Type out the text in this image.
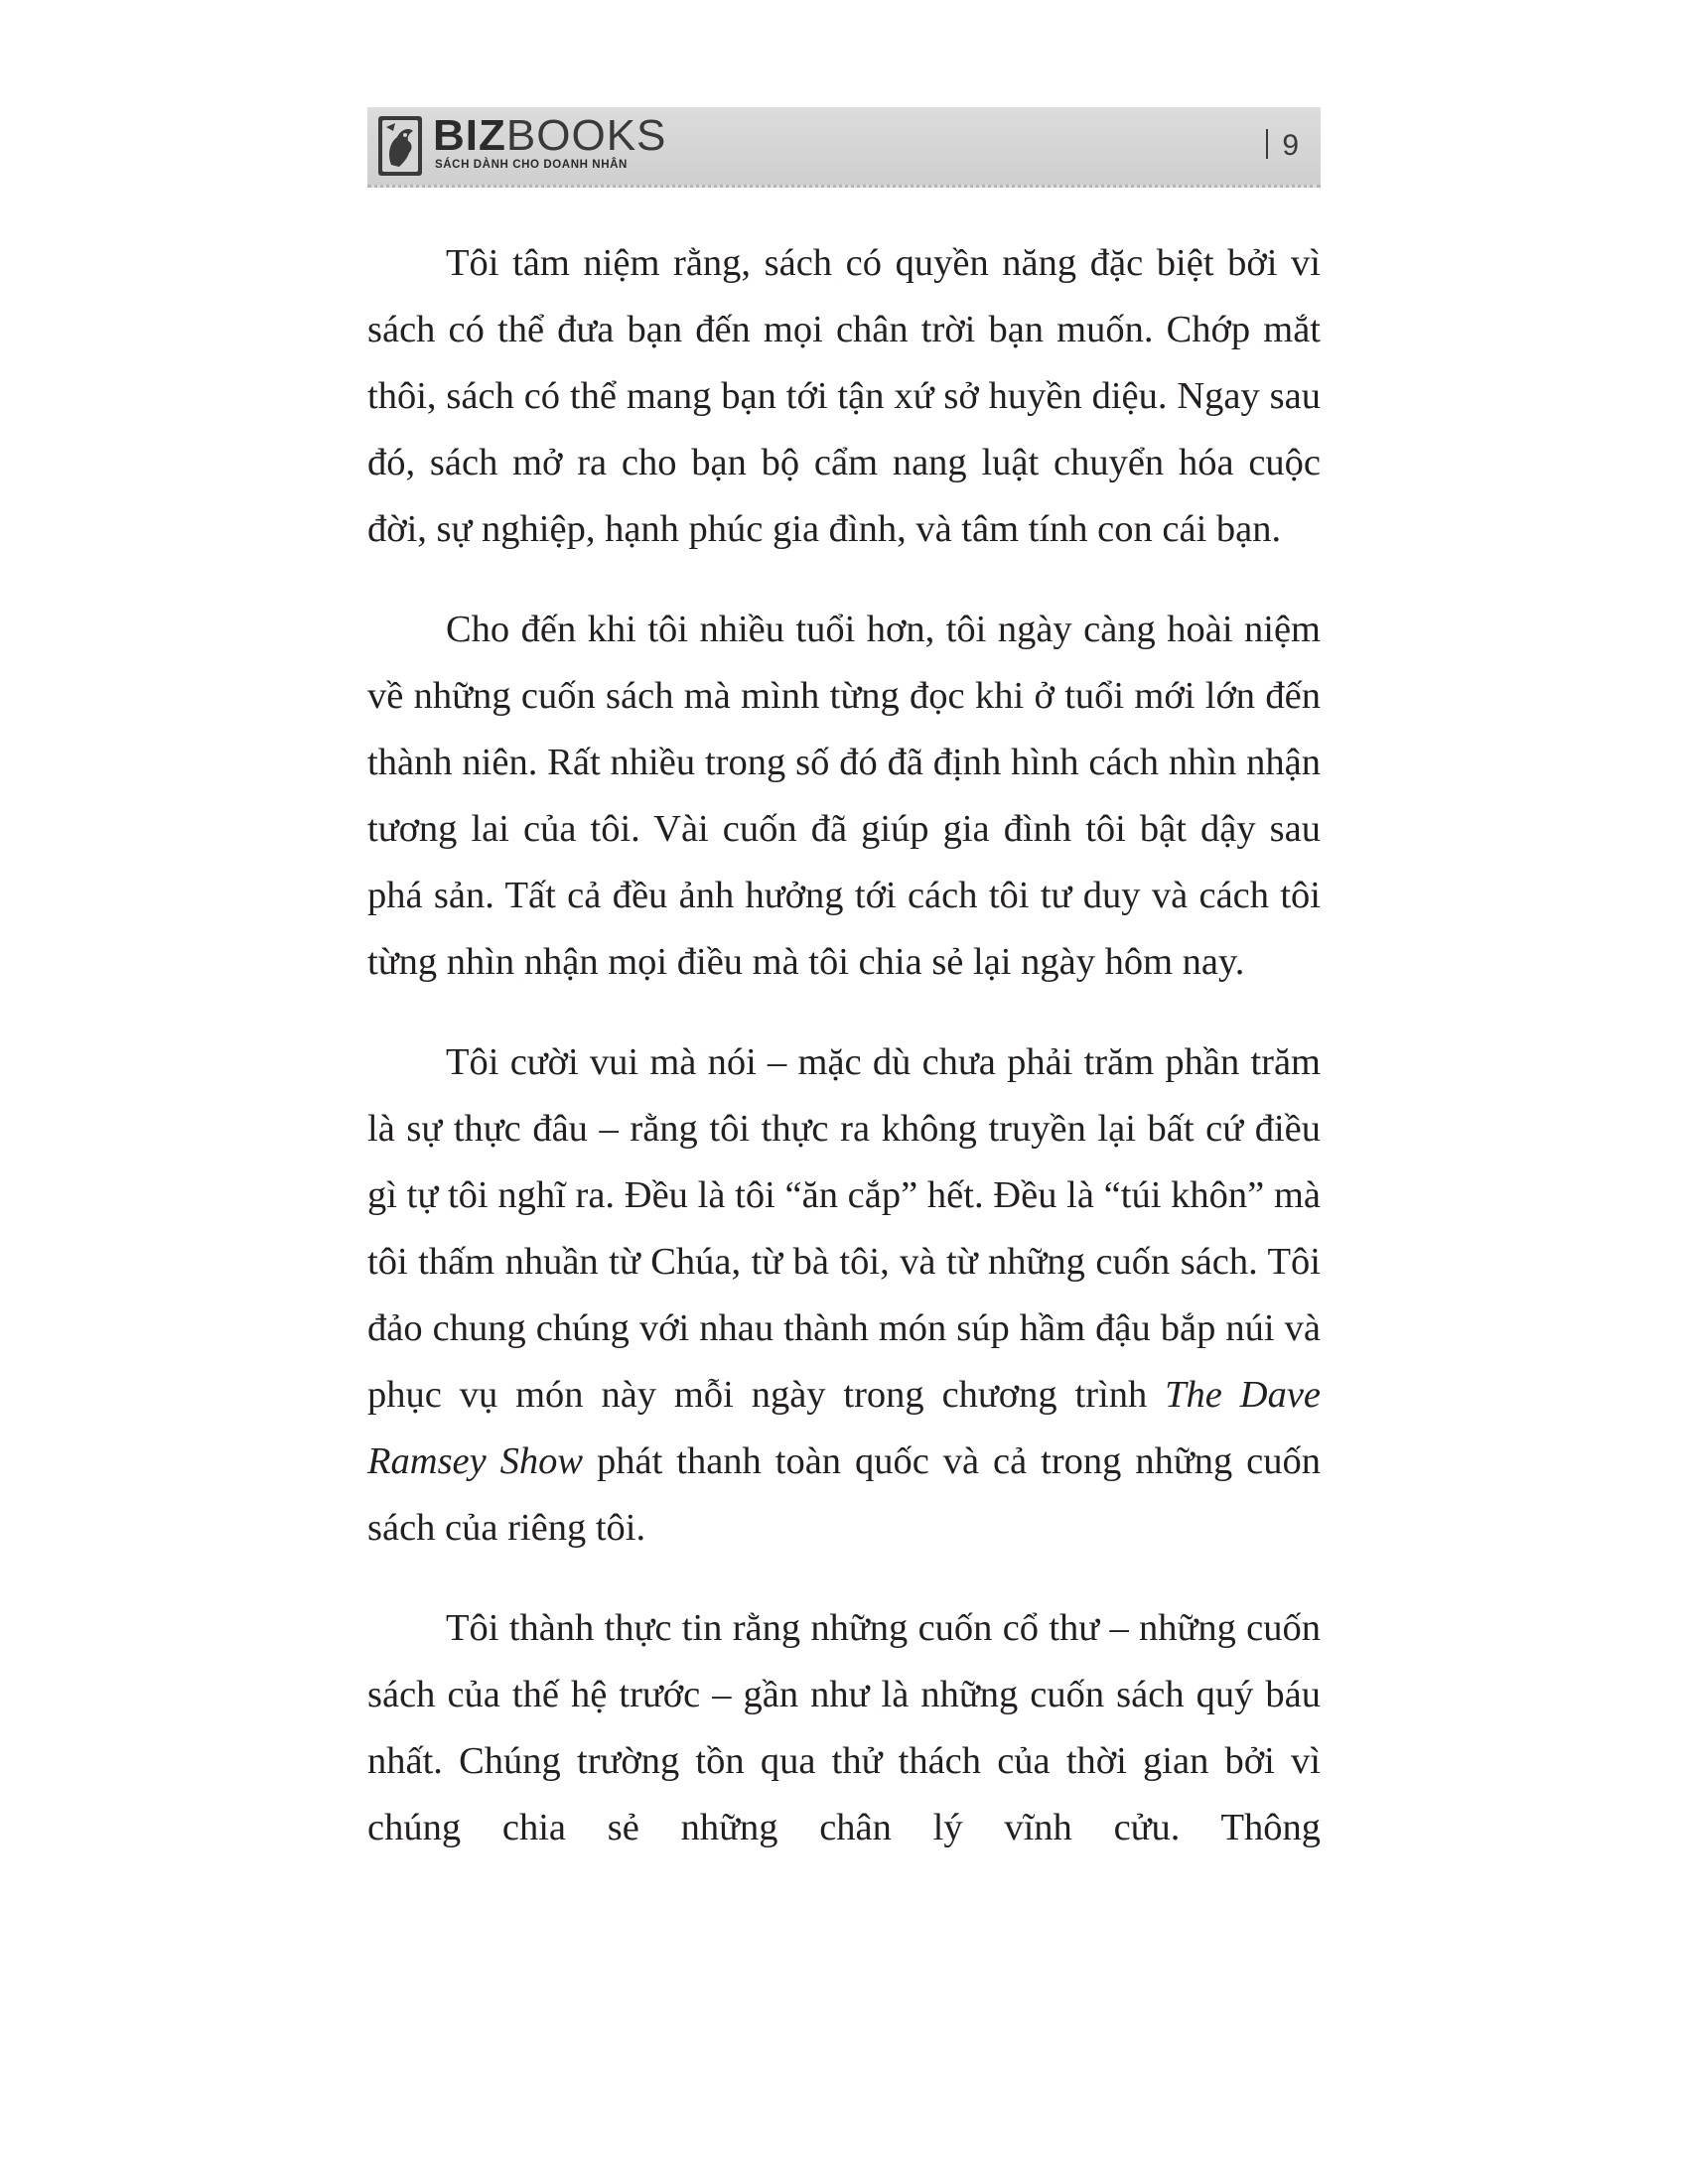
BIZBOOKS
SÁCH DÀNH CHO DOANH NHÂN
9

Tôi tâm niệm rằng, sách có quyền năng đặc biệt bởi vì sách có thể đưa bạn đến mọi chân trời bạn muốn. Chớp mắt thôi, sách có thể mang bạn tới tận xứ sở huyền diệu. Ngay sau đó, sách mở ra cho bạn bộ cẩm nang luật chuyển hóa cuộc đời, sự nghiệp, hạnh phúc gia đình, và tâm tính con cái bạn.

Cho đến khi tôi nhiều tuổi hơn, tôi ngày càng hoài niệm về những cuốn sách mà mình từng đọc khi ở tuổi mới lớn đến thành niên. Rất nhiều trong số đó đã định hình cách nhìn nhận tương lai của tôi. Vài cuốn đã giúp gia đình tôi bật dậy sau phá sản. Tất cả đều ảnh hưởng tới cách tôi tư duy và cách tôi từng nhìn nhận mọi điều mà tôi chia sẻ lại ngày hôm nay.

Tôi cười vui mà nói – mặc dù chưa phải trăm phần trăm là sự thực đâu – rằng tôi thực ra không truyền lại bất cứ điều gì tự tôi nghĩ ra. Đều là tôi “ăn cắp” hết. Đều là “túi khôn” mà tôi thấm nhuần từ Chúa, từ bà tôi, và từ những cuốn sách. Tôi đảo chung chúng với nhau thành món súp hầm đậu bắp núi và phục vụ món này mỗi ngày trong chương trình The Dave Ramsey Show phát thanh toàn quốc và cả trong những cuốn sách của riêng tôi.

Tôi thành thực tin rằng những cuốn cổ thư – những cuốn sách của thế hệ trước – gần như là những cuốn sách quý báu nhất. Chúng trường tồn qua thử thách của thời gian bởi vì chúng chia sẻ những chân lý vĩnh cửu. Thông
